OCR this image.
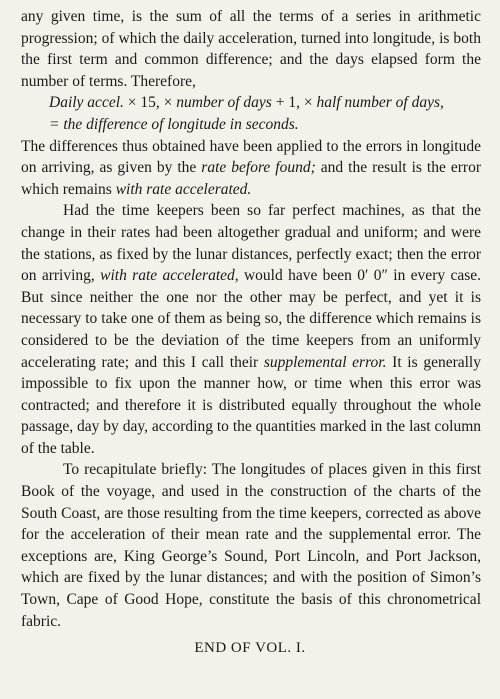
any given time, is the sum of all the terms of a series in arithmetic progression; of which the daily acceleration, turned into longitude, is both the first term and common difference; and the days elapsed form the number of terms. Therefore,

Daily accel. × 15, × number of days + 1, × half number of days,

= the difference of longitude in seconds.

The differences thus obtained have been applied to the errors in longitude on arriving, as given by the rate before found; and the result is the error which remains with rate accelerated.

Had the time keepers been so far perfect machines, as that the change in their rates had been altogether gradual and uniform; and were the stations, as fixed by the lunar distances, perfectly exact; then the error on arriving, with rate accelerated, would have been 0′ 0″ in every case. But since neither the one nor the other may be perfect, and yet it is necessary to take one of them as being so, the difference which remains is considered to be the deviation of the time keepers from an uniformly accelerating rate; and this I call their supplemental error. It is generally impossible to fix upon the manner how, or time when this error was contracted; and therefore it is distributed equally throughout the whole passage, day by day, according to the quantities marked in the last column of the table.

To recapitulate briefly: The longitudes of places given in this first Book of the voyage, and used in the construction of the charts of the South Coast, are those resulting from the time keepers, corrected as above for the acceleration of their mean rate and the supplemental error. The exceptions are, King George’s Sound, Port Lincoln, and Port Jackson, which are fixed by the lunar distances; and with the position of Simon’s Town, Cape of Good Hope, constitute the basis of this chronometrical fabric.

END OF VOL. I.
